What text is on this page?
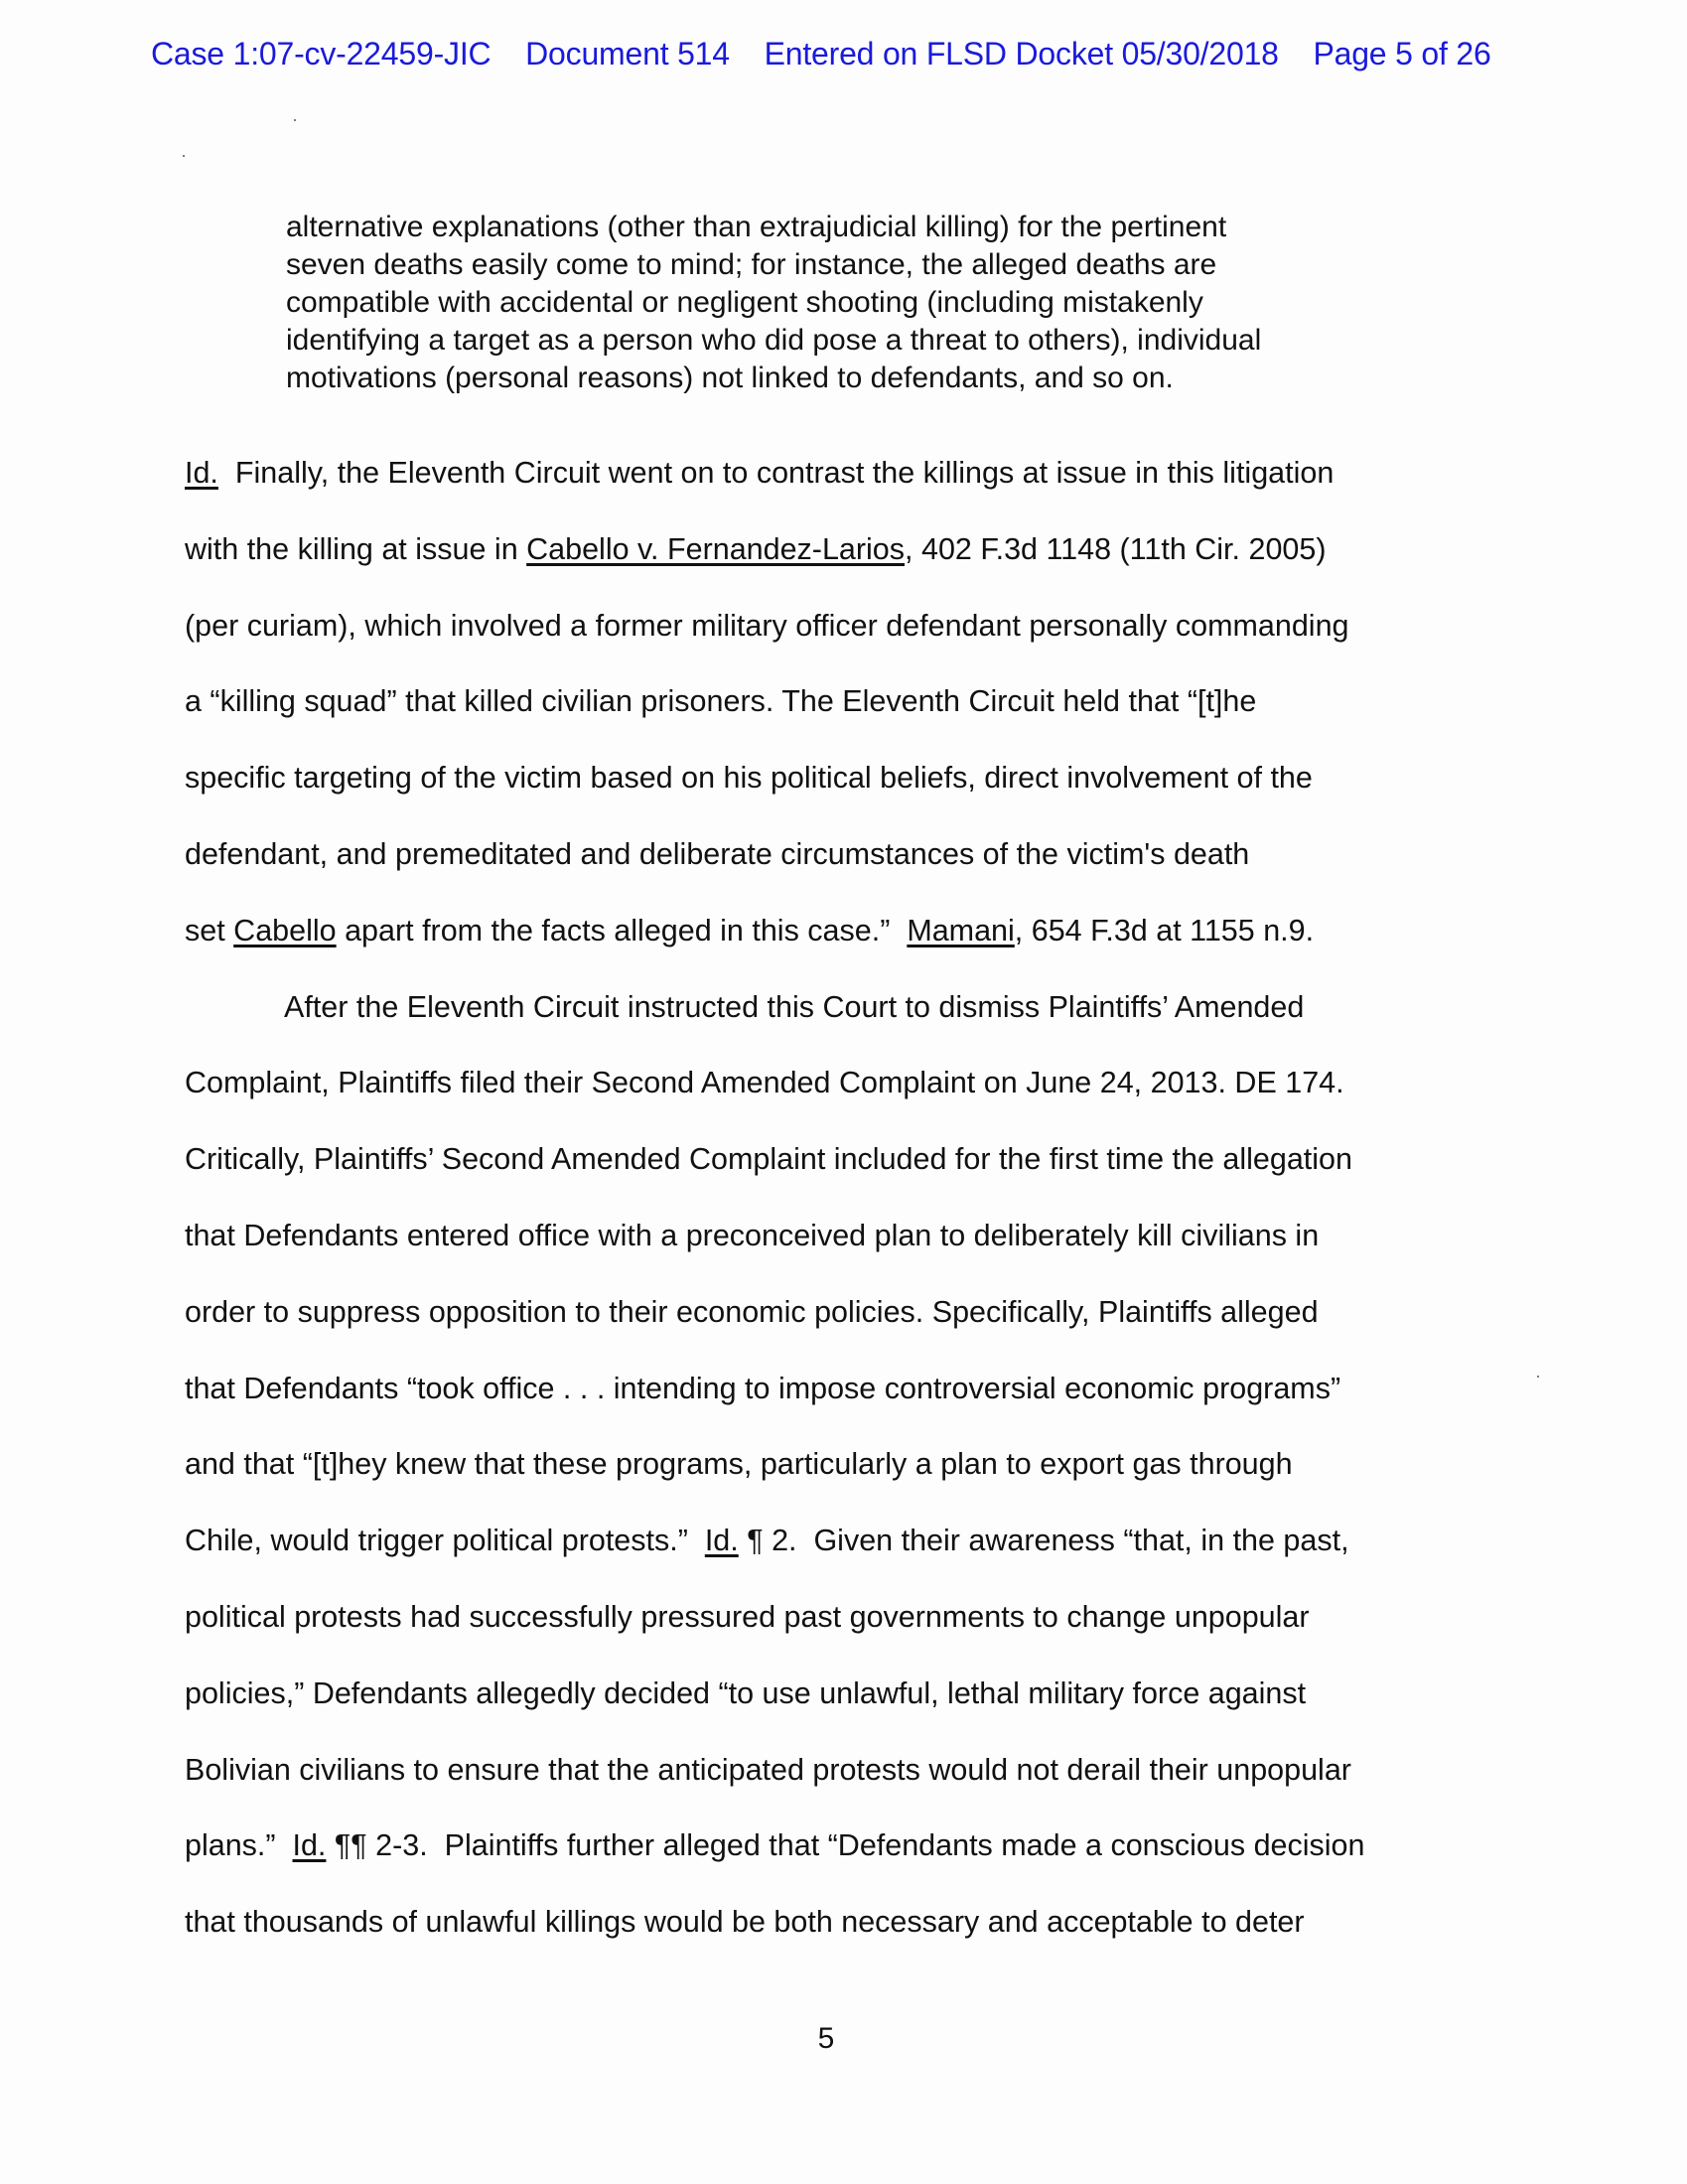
Case 1:07-cv-22459-JIC Document 514 Entered on FLSD Docket 05/30/2018 Page 5 of 26
alternative explanations (other than extrajudicial killing) for the pertinent
seven deaths easily come to mind; for instance, the alleged deaths are
compatible with accidental or negligent shooting (including mistakenly
identifying a target as a person who did pose a threat to others), individual
motivations (personal reasons) not linked to defendants, and so on.
Id.  Finally, the Eleventh Circuit went on to contrast the killings at issue in this litigation
with the killing at issue in Cabello v. Fernandez-Larios, 402 F.3d 1148 (11th Cir. 2005)
(per curiam), which involved a former military officer defendant personally commanding
a “killing squad” that killed civilian prisoners. The Eleventh Circuit held that “[t]he
specific targeting of the victim based on his political beliefs, direct involvement of the
defendant, and premeditated and deliberate circumstances of the victim's death
set Cabello apart from the facts alleged in this case.”  Mamani, 654 F.3d at 1155 n.9.
After the Eleventh Circuit instructed this Court to dismiss Plaintiffs’ Amended
Complaint, Plaintiffs filed their Second Amended Complaint on June 24, 2013. DE 174.
Critically, Plaintiffs’ Second Amended Complaint included for the first time the allegation
that Defendants entered office with a preconceived plan to deliberately kill civilians in
order to suppress opposition to their economic policies. Specifically, Plaintiffs alleged
that Defendants “took office . . . intending to impose controversial economic programs”
and that “[t]hey knew that these programs, particularly a plan to export gas through
Chile, would trigger political protests.”  Id. ¶ 2.  Given their awareness “that, in the past,
political protests had successfully pressured past governments to change unpopular
policies,” Defendants allegedly decided “to use unlawful, lethal military force against
Bolivian civilians to ensure that the anticipated protests would not derail their unpopular
plans.”  Id. ¶¶ 2-3.  Plaintiffs further alleged that “Defendants made a conscious decision
that thousands of unlawful killings would be both necessary and acceptable to deter
5
